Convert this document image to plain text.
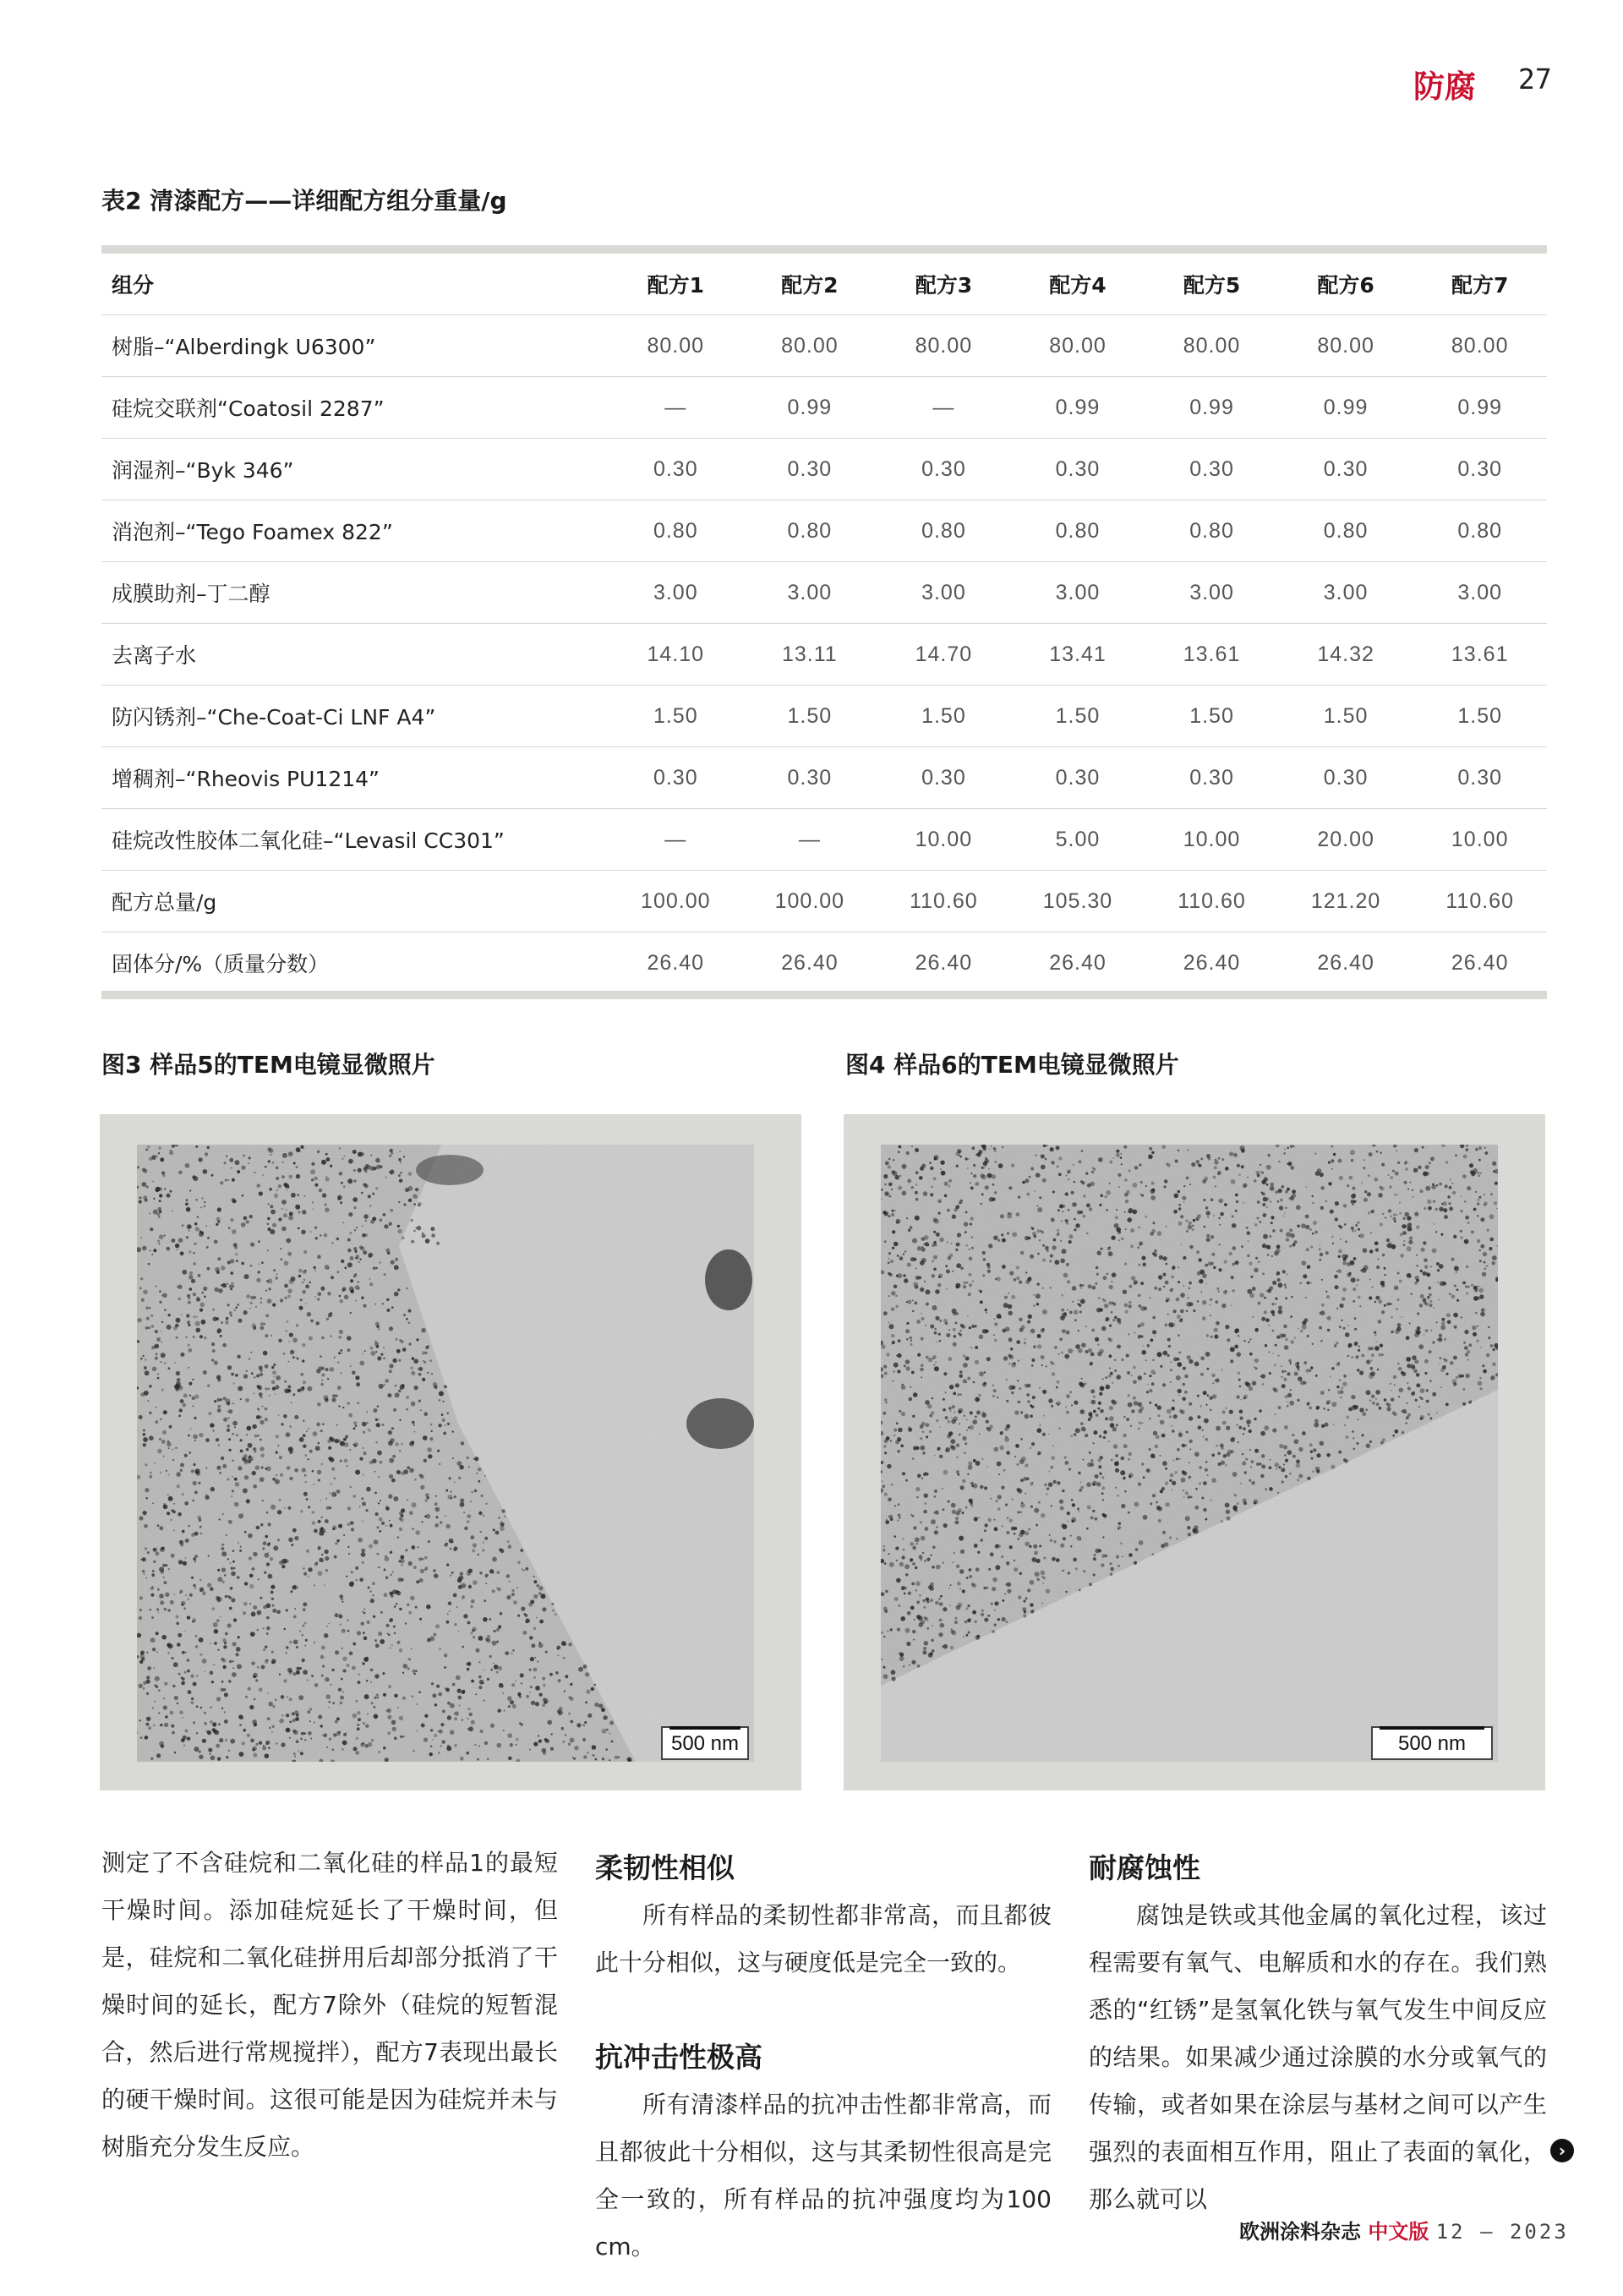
防腐 27
表2 清漆配方——详细配方组分重量/g
组分	配方1	配方2	配方3	配方4	配方5	配方6	配方7
树脂–“Alberdingk U6300”	80.00	80.00	80.00	80.00	80.00	80.00	80.00
硅烷交联剂“Coatosil 2287”	—	0.99	—	0.99	0.99	0.99	0.99
润湿剂–“Byk 346”	0.30	0.30	0.30	0.30	0.30	0.30	0.30
消泡剂–“Tego Foamex 822”	0.80	0.80	0.80	0.80	0.80	0.80	0.80
成膜助剂–丁二醇	3.00	3.00	3.00	3.00	3.00	3.00	3.00
去离子水	14.10	13.11	14.70	13.41	13.61	14.32	13.61
防闪锈剂–“Che-Coat-Ci LNF A4”	1.50	1.50	1.50	1.50	1.50	1.50	1.50
增稠剂–“Rheovis PU1214”	0.30	0.30	0.30	0.30	0.30	0.30	0.30
硅烷改性胶体二氧化硅–“Levasil CC301”	—	—	10.00	5.00	10.00	20.00	10.00
配方总量/g	100.00	100.00	110.60	105.30	110.60	121.20	110.60
固体分/%（质量分数）	26.40	26.40	26.40	26.40	26.40	26.40	26.40
图3 样品5的TEM电镜显微照片	图4 样品6的TEM电镜显微照片
500 nm	500 nm

测定了不含硅烷和二氧化硅的样品1的最短干燥时间。添加硅烷延长了干燥时间，但是，硅烷和二氧化硅拼用后却部分抵消了干燥时间的延长，配方7除外（硅烷的短暂混合，然后进行常规搅拌），配方7表现出最长的硬干燥时间。这很可能是因为硅烷并未与树脂充分发生反应。

柔韧性相似

所有样品的柔韧性都非常高，而且都彼此十分相似，这与硬度低是完全一致的。

抗冲击性极高

所有清漆样品的抗冲击性都非常高，而且都彼此十分相似，这与其柔韧性很高是完全一致的，所有样品的抗冲强度均为100 cm。

耐腐蚀性

腐蚀是铁或其他金属的氧化过程，该过程需要有氧气、电解质和水的存在。我们熟悉的“红锈”是氢氧化铁与氧气发生中间反应的结果。如果减少通过涂膜的水分或氧气的传输，或者如果在涂层与基材之间可以产生强烈的表面相互作用，阻止了表面的氧化，那么就可以

›
欧洲涂料杂志 中文版 12 – 2023
